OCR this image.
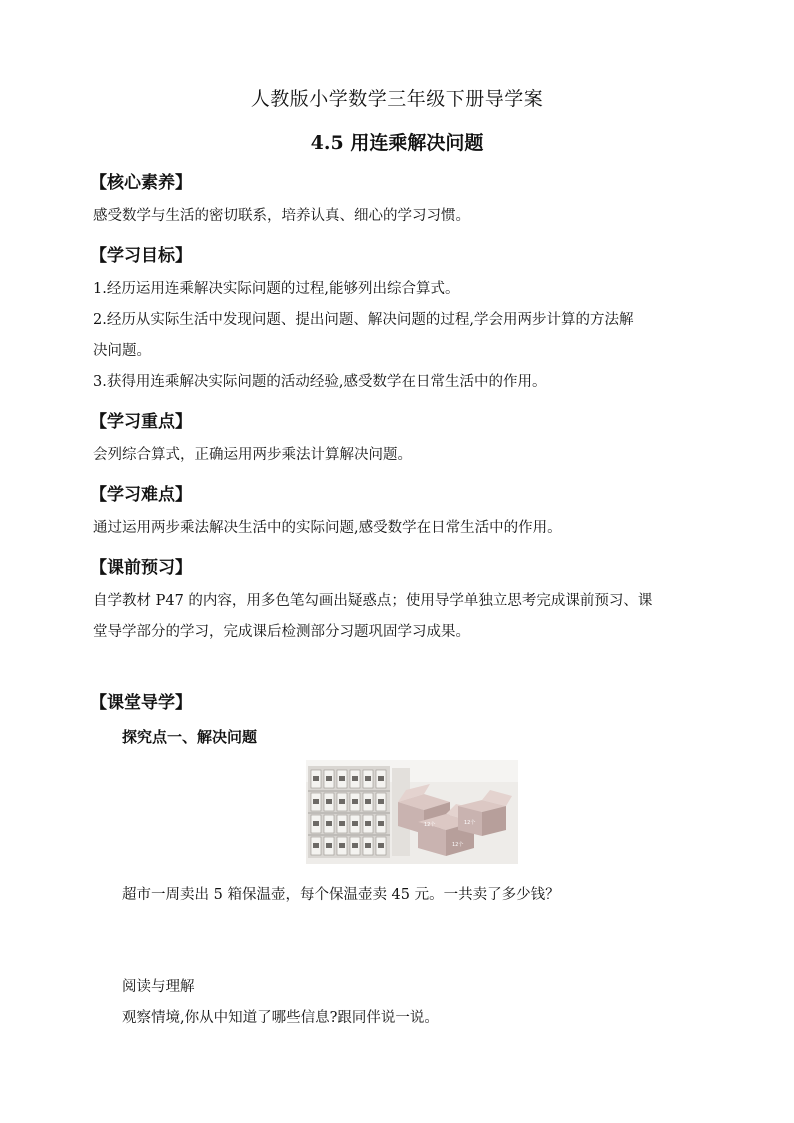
人教版小学数学三年级下册导学案
4.5 用连乘解决问题
【核心素养】
感受数学与生活的密切联系，培养认真、细心的学习习惯。
【学习目标】
1.经历运用连乘解决实际问题的过程,能够列出综合算式。
2.经历从实际生活中发现问题、提出问题、解决问题的过程,学会用两步计算的方法解
决问题。
3.获得用连乘解决实际问题的活动经验,感受数学在日常生活中的作用。
【学习重点】
会列综合算式，正确运用两步乘法计算解决问题。
【学习难点】
通过运用两步乘法解决生活中的实际问题,感受数学在日常生活中的作用。
【课前预习】
自学教材 P47 的内容，用多色笔勾画出疑惑点；使用导学单独立思考完成课前预习、课
堂导学部分的学习，完成课后检测部分习题巩固学习成果。
【课堂导学】
探究点一、解决问题
12个
12个
12个
超市一周卖出 5 箱保温壶，每个保温壶卖 45 元。一共卖了多少钱？
阅读与理解
观察情境,你从中知道了哪些信息?跟同伴说一说。
